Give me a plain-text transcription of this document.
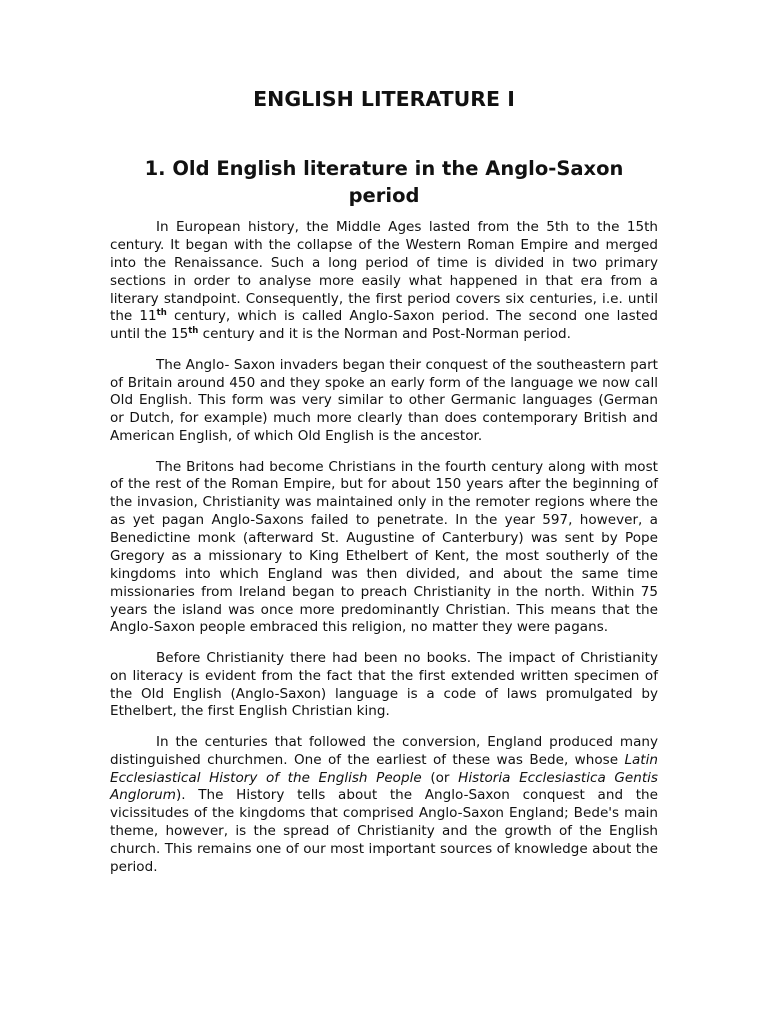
ENGLISH LITERATURE I
1. Old English literature in the Anglo-Saxon
period

In European history, the Middle Ages lasted from the 5th to the 15th century. It began with the collapse of the Western Roman Empire and merged into the Renaissance. Such a long period of time is divided in two primary sections in order to analyse more easily what happened in that era from a literary standpoint. Consequently, the first period covers six centuries, i.e. until the 11th century, which is called Anglo-Saxon period. The second one lasted until the 15th century and it is the Norman and Post-Norman period.

The Anglo- Saxon invaders began their conquest of the southeastern part of Britain around 450 and they spoke an early form of the language we now call Old English. This form was very similar to other Germanic languages (German or Dutch, for example) much more clearly than does contemporary British and American English, of which Old English is the ancestor.

The Britons had become Christians in the fourth century along with most of the rest of the Roman Empire, but for about 150 years after the beginning of the invasion, Christianity was maintained only in the remoter regions where the as yet pagan Anglo-Saxons failed to penetrate. In the year 597, however, a Benedictine monk (afterward St. Augustine of Canterbury) was sent by Pope Gregory as a missionary to King Ethelbert of Kent, the most southerly of the kingdoms into which England was then divided, and about the same time missionaries from Ireland began to preach Christianity in the north. Within 75 years the island was once more predominantly Christian. This means that the Anglo-Saxon people embraced this religion, no matter they were pagans.

Before Christianity there had been no books. The impact of Christianity on literacy is evident from the fact that the first extended written specimen of the Old English (Anglo-Saxon) language is a code of laws promulgated by Ethelbert, the first English Christian king.

In the centuries that followed the conversion, England produced many distinguished churchmen. One of the earliest of these was Bede, whose Latin Ecclesiastical History of the English People (or Historia Ecclesiastica Gentis Anglorum). The History tells about the Anglo-Saxon conquest and the vicissitudes of the kingdoms that comprised Anglo-Saxon England; Bede's main theme, however, is the spread of Christianity and the growth of the English church. This remains one of our most important sources of knowledge about the period.
